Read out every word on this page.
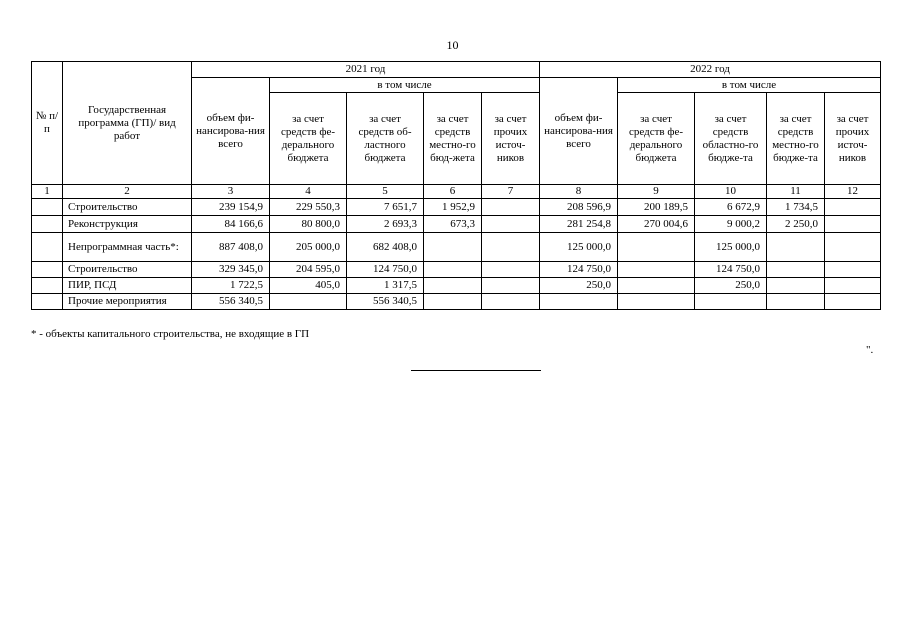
10
№ п/п	Государственная программа (ГП)/ вид работ	2021 год					2022 год				
		объем фи-нансирова-ния всего	в том числе				объем фи-нансирова-ния всего	в том числе			
			за счет средств фе-дерального бюджета	за счет средств об-ластного бюджета	за счет средств местно-го бюд-жета	за счет прочих источ-ников		за счет средств фе-дерального бюджета	за счет средств областно-го бюдже-та	за счет средств местно-го бюдже-та	за счет прочих источ-ников
1	2	3	4	5	6	7	8	9	10	11	12
	Строительство	239 154,9	229 550,3	7 651,7	1 952,9		208 596,9	200 189,5	6 672,9	1 734,5	
	Реконструкция	84 166,6	80 800,0	2 693,3	673,3		281 254,8	270 004,6	9 000,2	2 250,0	
	Непрограммная часть*:	887 408,0	205 000,0	682 408,0			125 000,0		125 000,0		
	Строительство	329 345,0	204 595,0	124 750,0			124 750,0		124 750,0		
	ПИР, ПСД	1 722,5	405,0	1 317,5			250,0		250,0		
	Прочие мероприятия	556 340,5		556 340,5							
* - объекты капитального строительства, не входящие в ГП
".
